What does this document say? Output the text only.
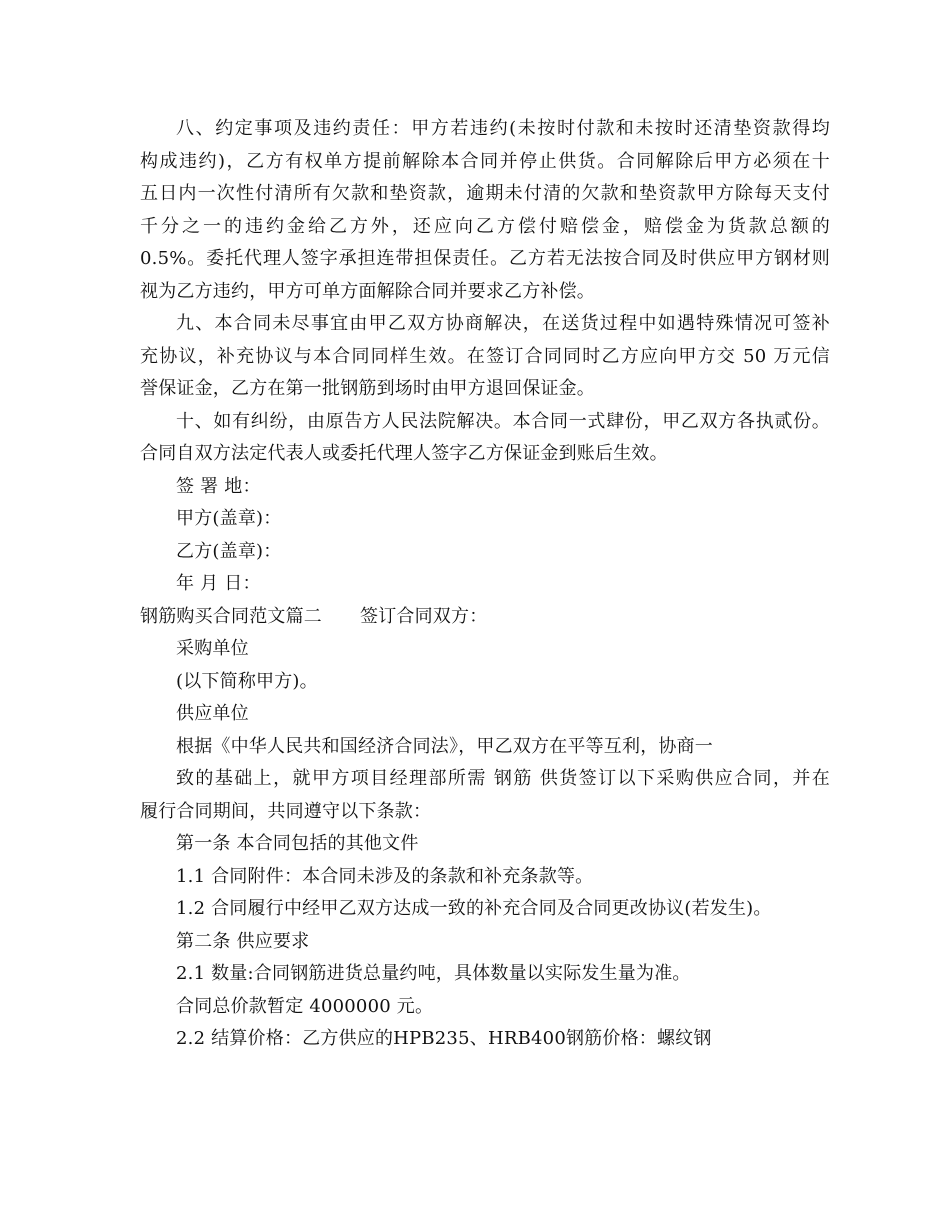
八、约定事项及违约责任：甲方若违约(未按时付款和未按时还清垫资款得均
构成违约)，乙方有权单方提前解除本合同并停止供货。合同解除后甲方必须在十
五日内一次性付清所有欠款和垫资款，逾期未付清的欠款和垫资款甲方除每天支付
千分之一的违约金给乙方外，还应向乙方偿付赔偿金，赔偿金为货款总额的
0.5%。委托代理人签字承担连带担保责任。乙方若无法按合同及时供应甲方钢材则
视为乙方违约，甲方可单方面解除合同并要求乙方补偿。
九、本合同未尽事宜由甲乙双方协商解决，在送货过程中如遇特殊情况可签补
充协议，补充协议与本合同同样生效。在签订合同同时乙方应向甲方交 50 万元信
誉保证金，乙方在第一批钢筋到场时由甲方退回保证金。
十、如有纠纷，由原告方人民法院解决。本合同一式肆份，甲乙双方各执贰份。
合同自双方法定代表人或委托代理人签字乙方保证金到账后生效。
签 署 地：
甲方(盖章)：
乙方(盖章)：
年 月 日：
钢筋购买合同范文篇二 签订合同双方：
采购单位
(以下简称甲方)。
供应单位
根据《中华人民共和国经济合同法》，甲乙双方在平等互利，协商一
致的基础上，就甲方项目经理部所需 钢筋 供货签订以下采购供应合同，并在
履行合同期间，共同遵守以下条款：
第一条 本合同包括的其他文件
1.1 合同附件：本合同未涉及的条款和补充条款等。
1.2 合同履行中经甲乙双方达成一致的补充合同及合同更改协议(若发生)。
第二条 供应要求
2.1 数量:合同钢筋进货总量约吨，具体数量以实际发生量为准。
合同总价款暂定 4000000 元。
2.2 结算价格：乙方供应的HPB235、HRB400钢筋价格：螺纹钢
